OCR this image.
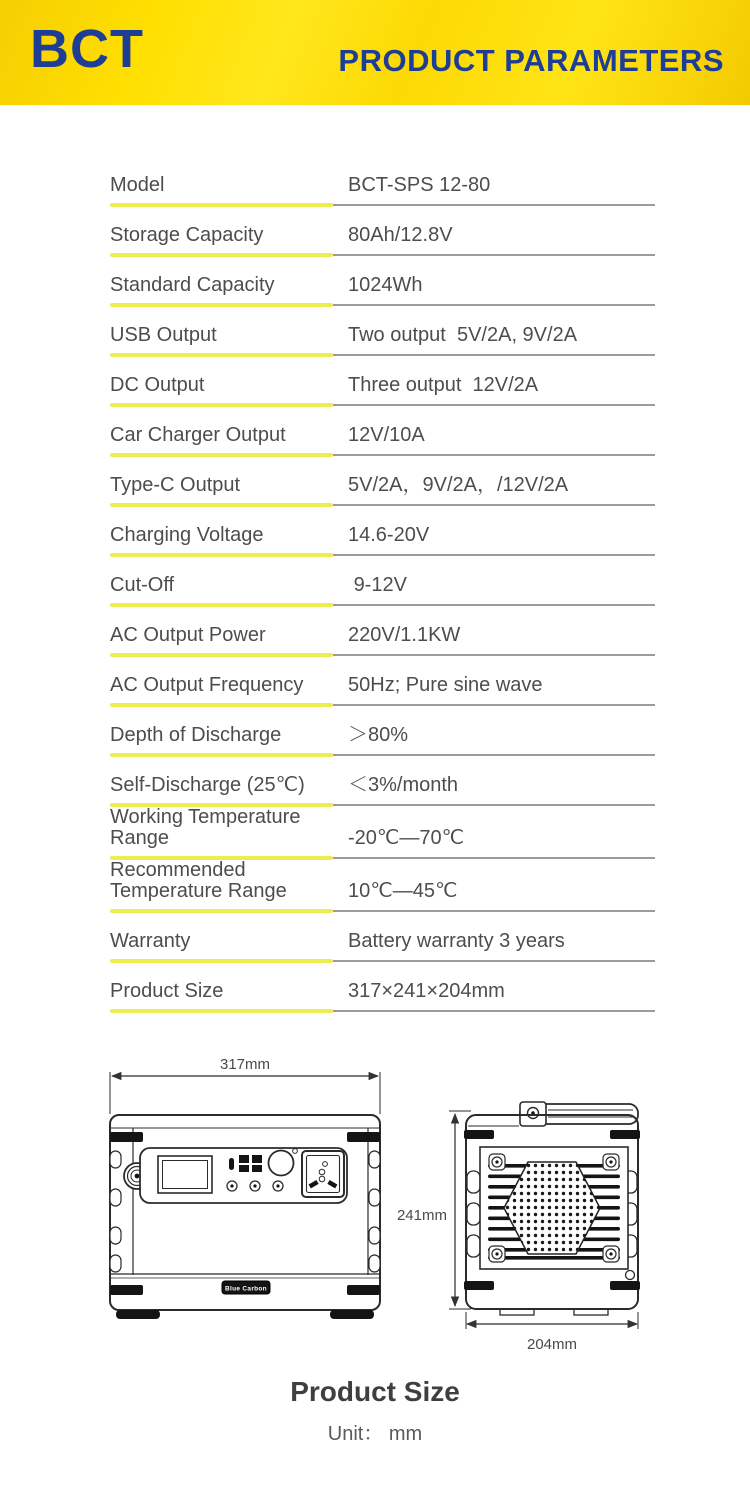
BCT	PRODUCT PARAMETERS
Model	BCT-SPS 12-80
Storage Capacity	80Ah/12.8V
Standard Capacity	1024Wh
USB Output	Two output  5V/2A, 9V/2A
DC Output	Three output  12V/2A
Car Charger Output	12V/10A
Type-C Output	5V/2A，9V/2A，/12V/2A
Charging Voltage	14.6-20V
Cut-Off	9-12V
AC Output Power	220V/1.1KW
AC Output Frequency	50Hz; Pure sine wave
Depth of Discharge	＞80%
Self-Discharge (25℃)	＜3%/month
Working Temperature Range	-20℃—70℃
Recommended Temperature Range	10℃—45℃
Warranty	Battery warranty 3 years
Product Size	317×241×204mm
317mm
Blue Carbon
241mm
204mm
Product Size
Unit： mm
